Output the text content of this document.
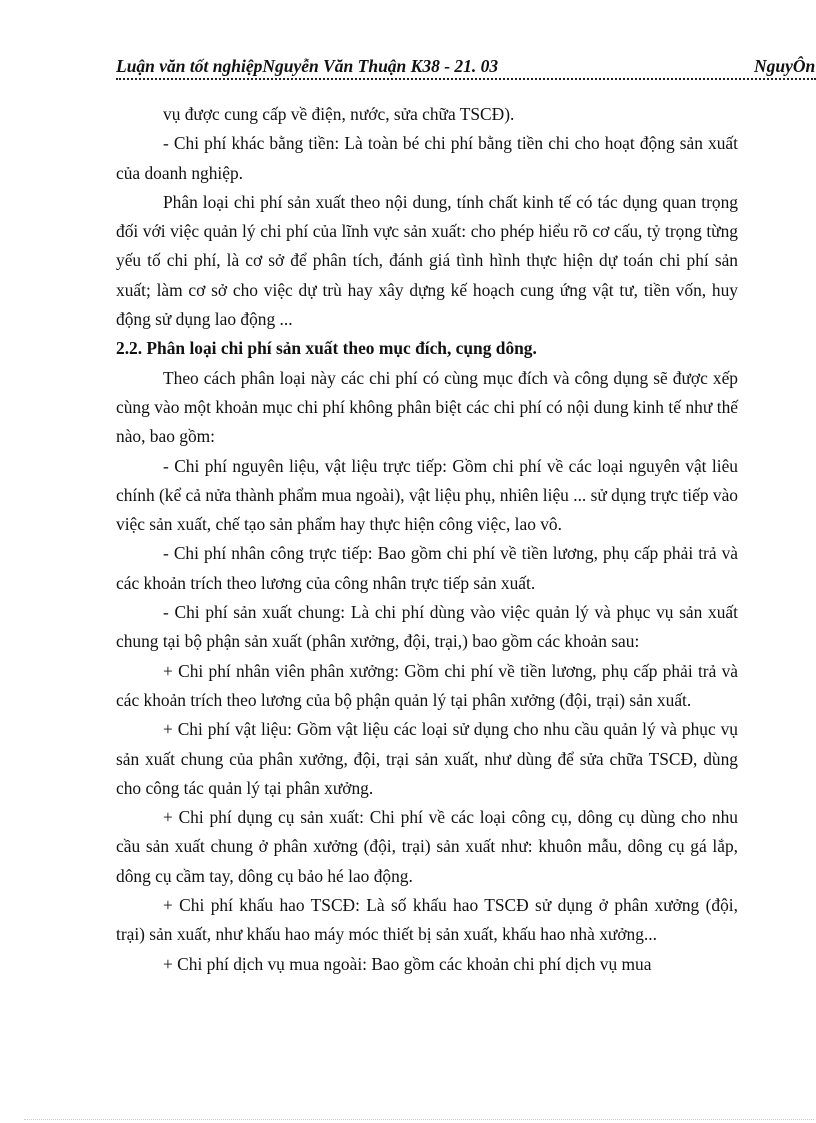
Luận văn tốt nghiệpNguyễn Văn Thuận K38 - 21. 03	NguyÔn

vụ được cung cấp về điện, nước, sửa chữa TSCĐ).

- Chi phí khác bằng tiền: Là toàn bé chi phí bằng tiền chi cho hoạt động sản xuất của doanh nghiệp.

Phân loại chi phí sản xuất theo nội dung, tính chất kinh tế có tác dụng quan trọng đối với việc quản lý chi phí của lĩnh vực sản xuất: cho phép hiểu rõ cơ cấu, tỷ trọng từng yếu tố chi phí, là cơ sở để phân tích, đánh giá tình hình thực hiện dự toán chi phí sản xuất; làm cơ sở cho việc dự trù hay xây dựng kế hoạch cung ứng vật tư, tiền vốn, huy động sử dụng lao động ...

2.2. Phân loại chi phí sản xuất theo mục đích, cụng dông.

Theo cách phân loại này các chi phí có cùng mục đích và công dụng sẽ được xếp cùng vào một khoản mục chi phí không phân biệt các chi phí có nội dung kinh tế như thế nào, bao gồm:

- Chi phí nguyên liệu, vật liệu trực tiếp: Gồm chi phí về các loại nguyên vật liêu chính (kể cả nửa thành phẩm mua ngoài), vật liệu phụ, nhiên liệu ... sử dụng trực tiếp vào việc sản xuất, chế tạo sản phẩm hay thực hiện công việc, lao vô.

- Chi phí nhân công trực tiếp: Bao gồm chi phí về tiền lương, phụ cấp phải trả và các khoản trích theo lương của công nhân trực tiếp sản xuất.

- Chi phí sản xuất chung: Là chi phí dùng vào việc quản lý và phục vụ sản xuất chung tại bộ phận sản xuất (phân xưởng, đội, trại,) bao gồm các khoản sau:

+ Chi phí nhân viên phân xưởng: Gồm chi phí về tiền lương, phụ cấp phải trả và các khoản trích theo lương của bộ phận quản lý tại phân xưởng (đội, trại) sản xuất.

+ Chi phí vật liệu: Gồm vật liệu các loại sử dụng cho nhu cầu quản lý và phục vụ sản xuất chung của phân xưởng, đội, trại sản xuất, như dùng để sửa chữa TSCĐ, dùng cho công tác quản lý tại phân xưởng.

+ Chi phí dụng cụ sản xuất: Chi phí về các loại công cụ, dông cụ dùng cho nhu cầu sản xuất chung ở phân xưởng (đội, trại) sản xuất như: khuôn mẫu, dông cụ gá lắp, dông cụ cầm tay, dông cụ bảo hé lao động.

+ Chi phí khấu hao TSCĐ: Là số khấu hao TSCĐ sử dụng ở phân xưởng (đội, trại) sản xuất, như khấu hao máy móc thiết bị sản xuất, khấu hao nhà xưởng...

+ Chi phí dịch vụ mua ngoài: Bao gồm các khoản chi phí dịch vụ mua
